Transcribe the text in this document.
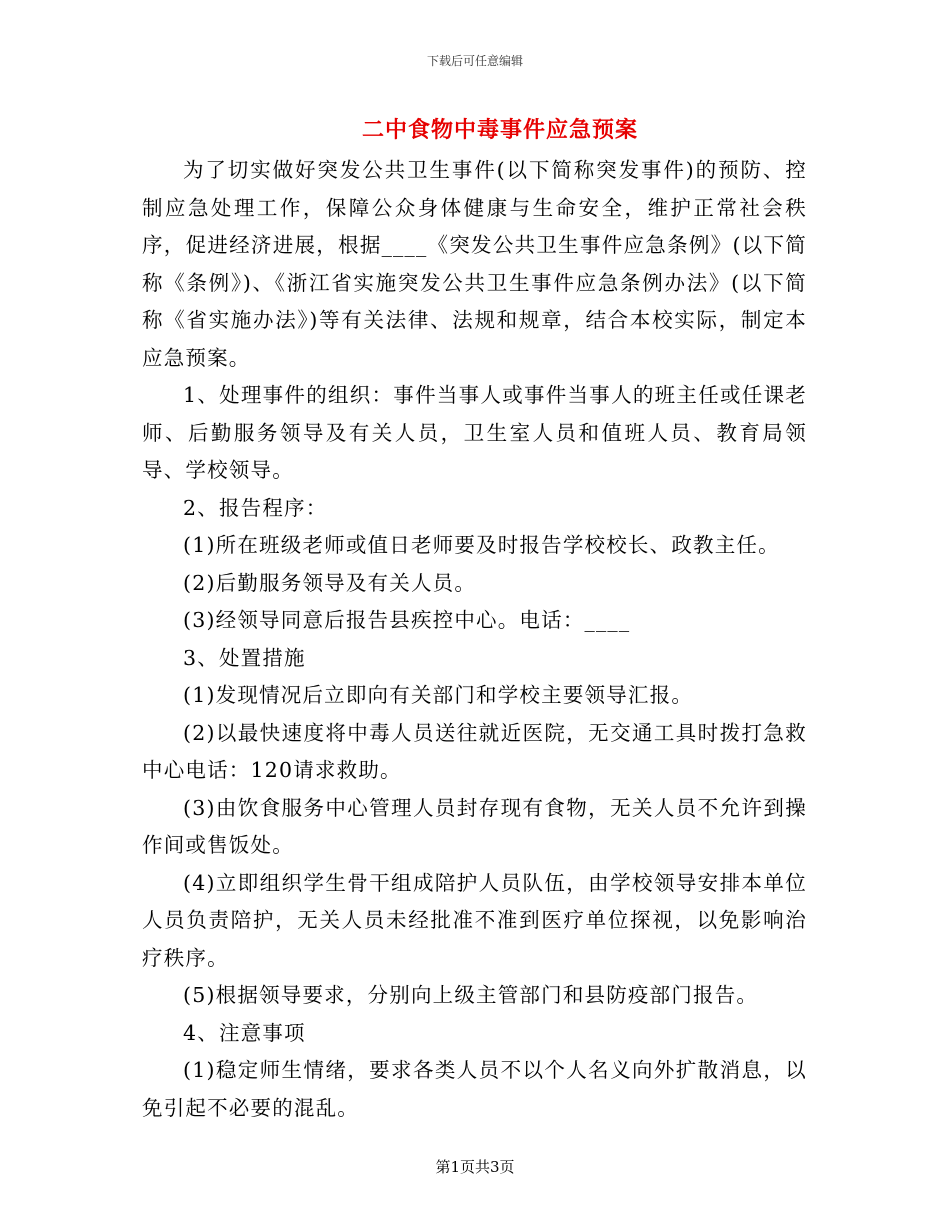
下载后可任意编辑
二中食物中毒事件应急预案

为了切实做好突发公共卫生事件(以下简称突发事件)的预防、控制应急处理工作，保障公众身体健康与生命安全，维护正常社会秩序，促进经济进展，根据____《突发公共卫生事件应急条例》(以下简称《条例》)、《浙江省实施突发公共卫生事件应急条例办法》(以下简称《省实施办法》)等有关法律、法规和规章，结合本校实际，制定本应急预案。

1、处理事件的组织：事件当事人或事件当事人的班主任或任课老师、后勤服务领导及有关人员，卫生室人员和值班人员、教育局领导、学校领导。

2、报告程序：

(1)所在班级老师或值日老师要及时报告学校校长、政教主任。

(2)后勤服务领导及有关人员。

(3)经领导同意后报告县疾控中心。电话：____

3、处置措施

(1)发现情况后立即向有关部门和学校主要领导汇报。

(2)以最快速度将中毒人员送往就近医院，无交通工具时拨打急救中心电话：120请求救助。

(3)由饮食服务中心管理人员封存现有食物，无关人员不允许到操作间或售饭处。

(4)立即组织学生骨干组成陪护人员队伍，由学校领导安排本单位人员负责陪护，无关人员未经批准不准到医疗单位探视，以免影响治疗秩序。

(5)根据领导要求，分别向上级主管部门和县防疫部门报告。

4、注意事项

(1)稳定师生情绪，要求各类人员不以个人名义向外扩散消息，以免引起不必要的混乱。

第1页共3页
